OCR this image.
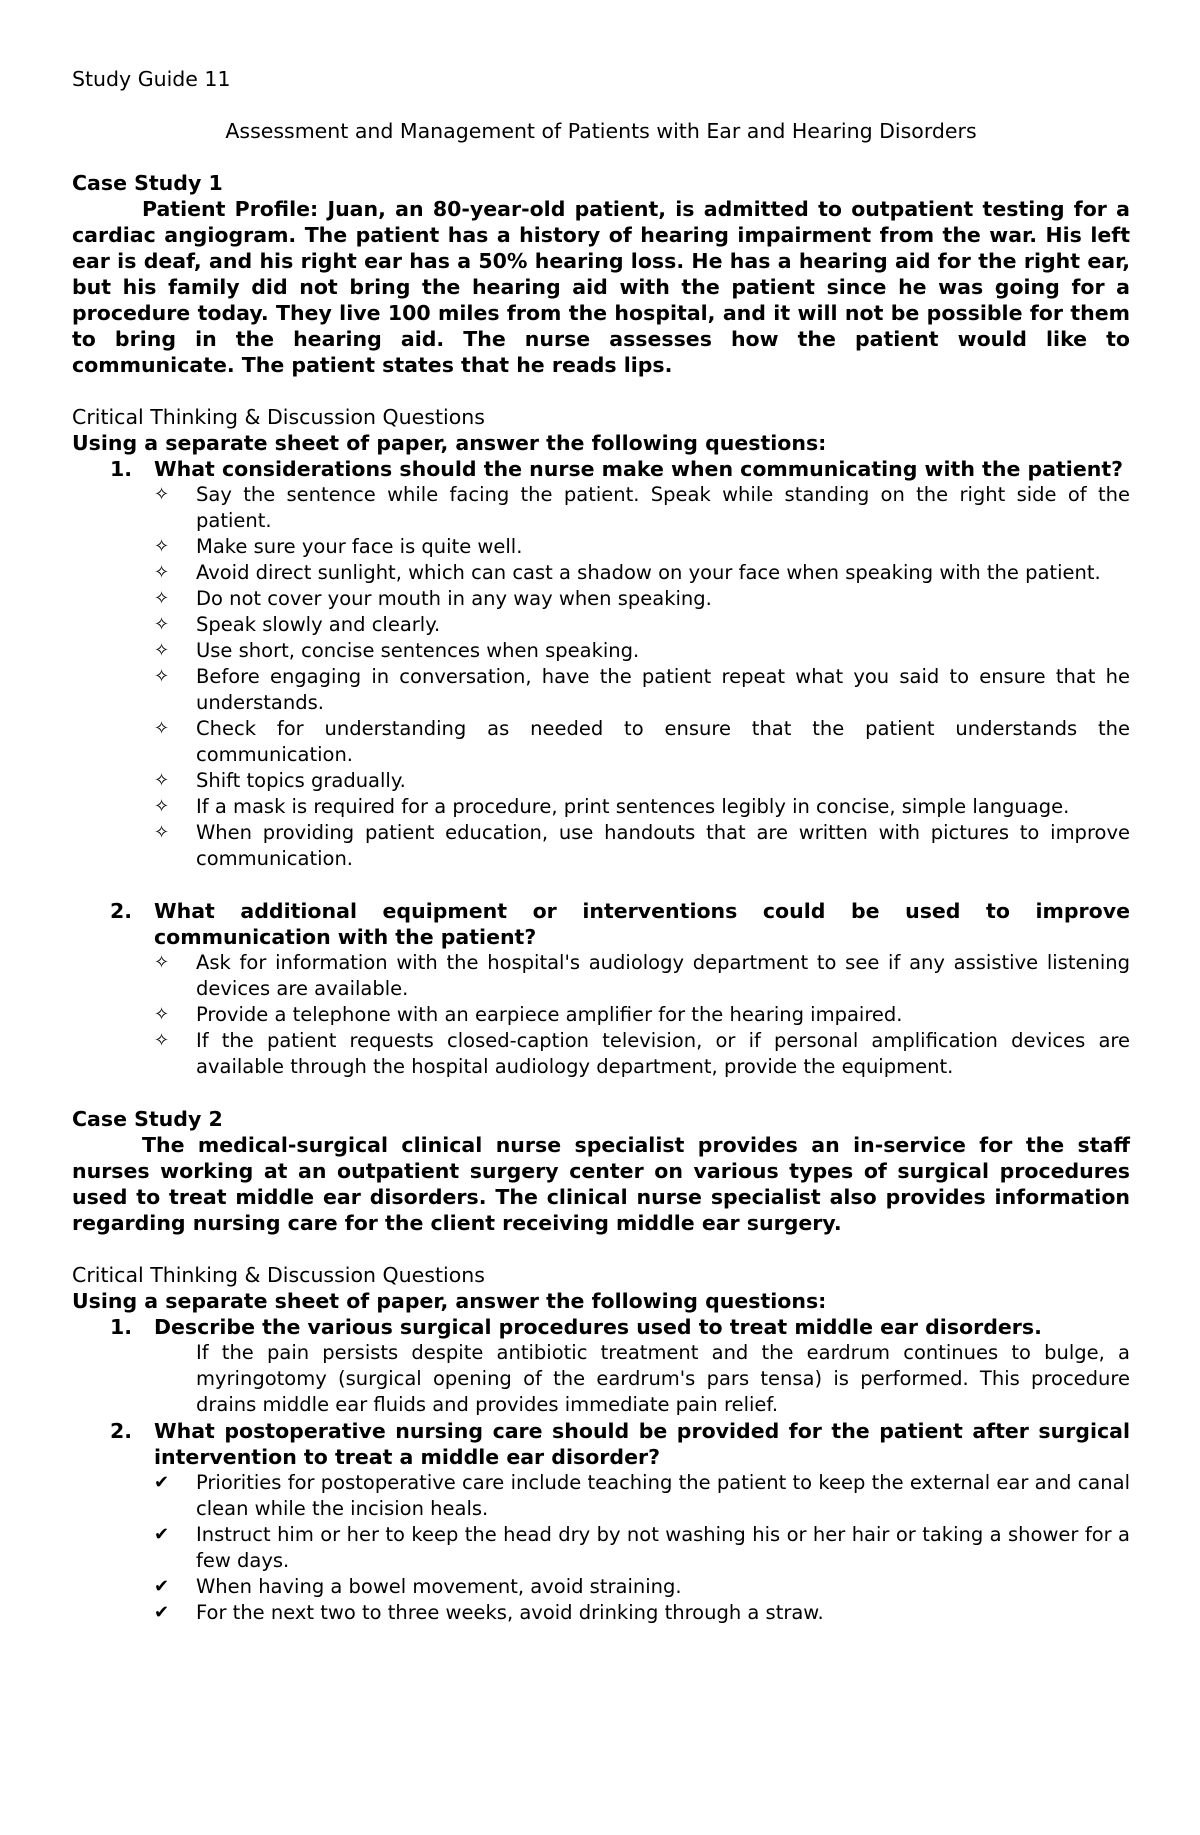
Study Guide 11

Assessment and Management of Patients with Ear and Hearing Disorders

Case Study 1

Patient Profile: Juan, an 80-year-old patient, is admitted to outpatient testing for a cardiac angiogram. The patient has a history of hearing impairment from the war. His left ear is deaf, and his right ear has a 50% hearing loss. He has a hearing aid for the right ear, but his family did not bring the hearing aid with the patient since he was going for a procedure today. They live 100 miles from the hospital, and it will not be possible for them to bring in the hearing aid. The nurse assesses how the patient would like to communicate. The patient states that he reads lips.

Critical Thinking & Discussion Questions

Using a separate sheet of paper, answer the following questions:

1. What considerations should the nurse make when communicating with the patient?

✧	Say the sentence while facing the patient. Speak while standing on the right side of the patient.
✧	Make sure your face is quite well.
✧	Avoid direct sunlight, which can cast a shadow on your face when speaking with the patient.
✧	Do not cover your mouth in any way when speaking.
✧	Speak slowly and clearly.
✧	Use short, concise sentences when speaking.
✧	Before engaging in conversation, have the patient repeat what you said to ensure that he understands.
✧	Check for understanding as needed to ensure that the patient understands the communication.
✧	Shift topics gradually.
✧	If a mask is required for a procedure, print sentences legibly in concise, simple language.
✧	When providing patient education, use handouts that are written with pictures to improve communication.
2. What additional equipment or interventions could be used to improve communication with the patient?

✧	Ask for information with the hospital's audiology department to see if any assistive listening devices are available.
✧	Provide a telephone with an earpiece amplifier for the hearing impaired.
✧	If the patient requests closed-caption television, or if personal amplification devices are available through the hospital audiology department, provide the equipment.

Case Study 2

The medical-surgical clinical nurse specialist provides an in-service for the staff nurses working at an outpatient surgery center on various types of surgical procedures used to treat middle ear disorders. The clinical nurse specialist also provides information regarding nursing care for the client receiving middle ear surgery.

Critical Thinking & Discussion Questions

Using a separate sheet of paper, answer the following questions:

1. Describe the various surgical procedures used to treat middle ear disorders.

If the pain persists despite antibiotic treatment and the eardrum continues to bulge, a myringotomy (surgical opening of the eardrum's pars tensa) is performed. This procedure drains middle ear fluids and provides immediate pain relief.

2. What postoperative nursing care should be provided for the patient after surgical intervention to treat a middle ear disorder?

✔	Priorities for postoperative care include teaching the patient to keep the external ear and canal clean while the incision heals.
✔	Instruct him or her to keep the head dry by not washing his or her hair or taking a shower for a few days.
✔	When having a bowel movement, avoid straining.
✔	For the next two to three weeks, avoid drinking through a straw.
